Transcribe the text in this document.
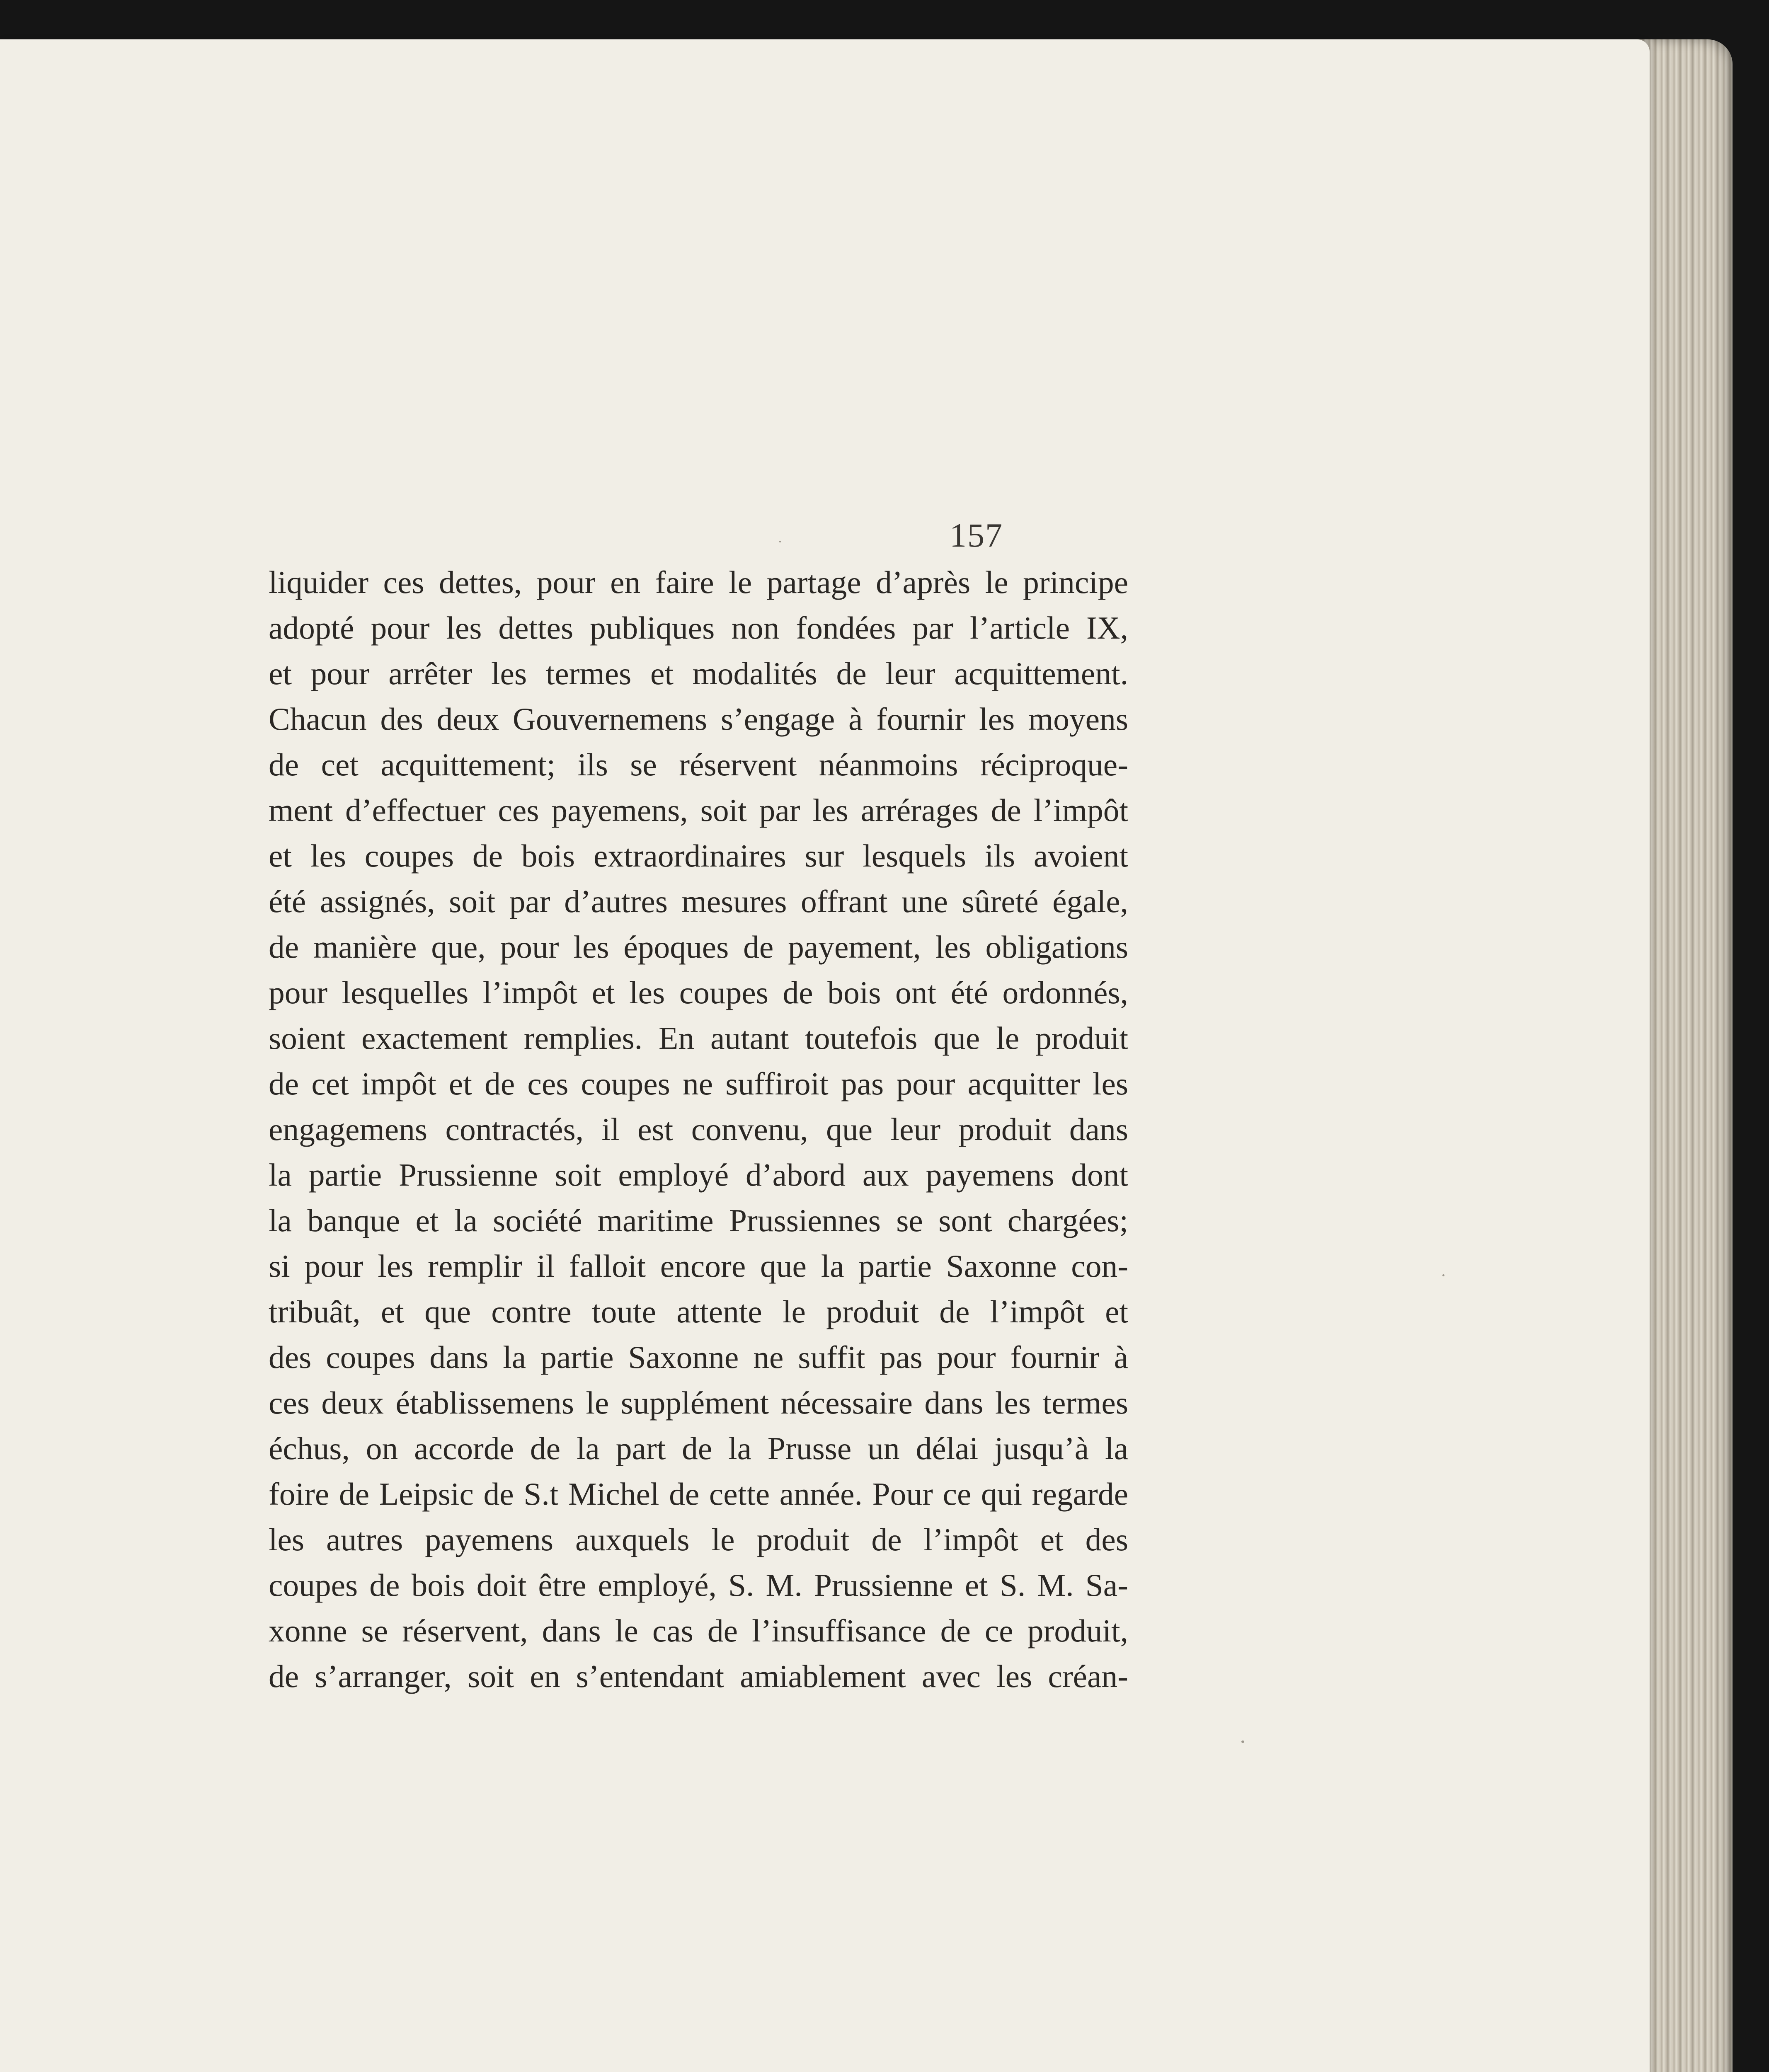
157

liquider ces dettes, pour en faire le partage d’après le principe
adopté pour les dettes publiques non fondées par l’article IX,
et pour arrêter les termes et modalités de leur acquittement.
Chacun des deux Gouvernemens s’engage à fournir les moyens
de cet acquittement; ils se réservent néanmoins réciproque-
ment d’effectuer ces payemens, soit par les arrérages de l’impôt
et les coupes de bois extraordinaires sur lesquels ils avoient
été assignés, soit par d’autres mesures offrant une sûreté égale,
de manière que, pour les époques de payement, les obligations
pour lesquelles l’impôt et les coupes de bois ont été ordonnés,
soient exactement remplies. En autant toutefois que le produit
de cet impôt et de ces coupes ne suffiroit pas pour acquitter les
engagemens contractés, il est convenu, que leur produit dans
la partie Prussienne soit employé d’abord aux payemens dont
la banque et la société maritime Prussiennes se sont chargées;
si pour les remplir il falloit encore que la partie Saxonne con-
tribuât, et que contre toute attente le produit de l’impôt et
des coupes dans la partie Saxonne ne suffit pas pour fournir à
ces deux établissemens le supplément nécessaire dans les termes
échus, on accorde de la part de la Prusse un délai jusqu’à la
foire de Leipsic de S.t Michel de cette année. Pour ce qui regarde
les autres payemens auxquels le produit de l’impôt et des
coupes de bois doit être employé, S. M. Prussienne et S. M. Sa-
xonne se réservent, dans le cas de l’insuffisance de ce produit,
de s’arranger, soit en s’entendant amiablement avec les créan-
